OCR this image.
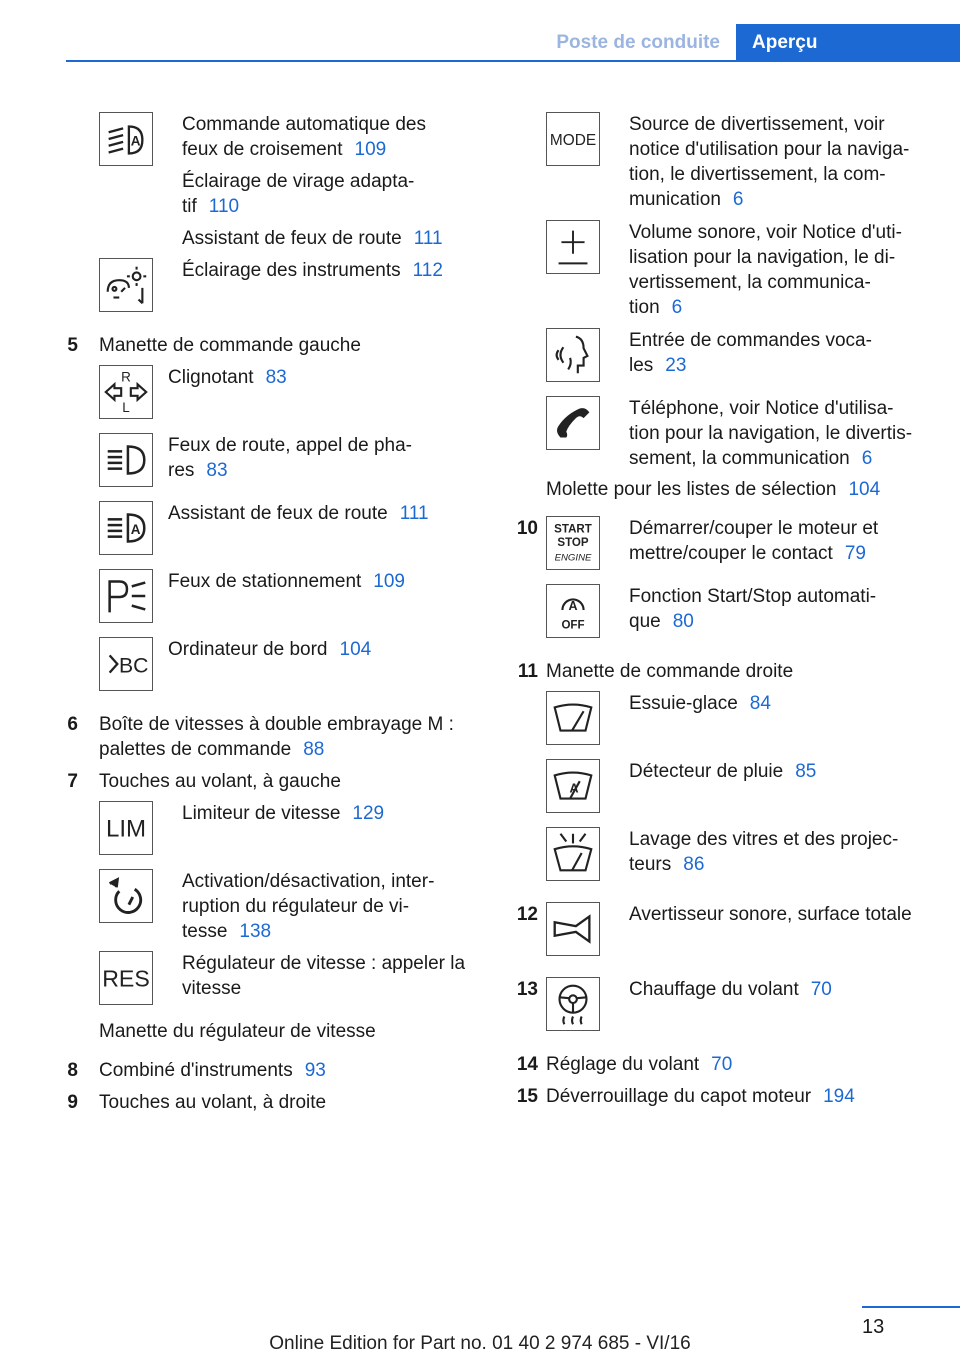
Poste de conduite	Aperçu
A
Commande automatique des
feux de croisement 109
Éclairage de virage adapta-
tif 110
Assistant de feux de route 111
Éclairage des instruments 112
5 Manette de commande gauche
R
L
Clignotant 83
Feux de route, appel de pha-
res 83
A
Assistant de feux de route 111
Feux de stationnement 109
BC
Ordinateur de bord 104
6 Boîte de vitesses à double embrayage M :
palettes de commande 88
7 Touches au volant, à gauche
LIM
Limiteur de vitesse 129
Activation/désactivation, inter-
ruption du régulateur de vi-
tesse 138
RES
Régulateur de vitesse : appeler la
vitesse
Manette du régulateur de vitesse
8 Combiné d'instruments 93
9 Touches au volant, à droite
MODE
Source de divertissement, voir
notice d'utilisation pour la naviga-
tion, le divertissement, la com-
munication 6
Volume sonore, voir Notice d'uti-
lisation pour la navigation, le di-
vertissement, la communica-
tion 6
Entrée de commandes voca-
les 23
Téléphone, voir Notice d'utilisa-
tion pour la navigation, le divertis-
sement, la communication 6
Molette pour les listes de sélection 104
10 START
STOP
ENGINE
Démarrer/couper le moteur et
mettre/couper le contact 79
A
OFF
Fonction Start/Stop automati-
que 80
11 Manette de commande droite
Essuie-glace 84
A
Détecteur de pluie 85
Lavage des vitres et des projec-
teurs 86
12	Avertisseur sonore, surface totale
13	Chauffage du volant 70
14 Réglage du volant 70
15 Déverrouillage du capot moteur 194
13
Online Edition for Part no. 01 40 2 974 685 - VI/16
